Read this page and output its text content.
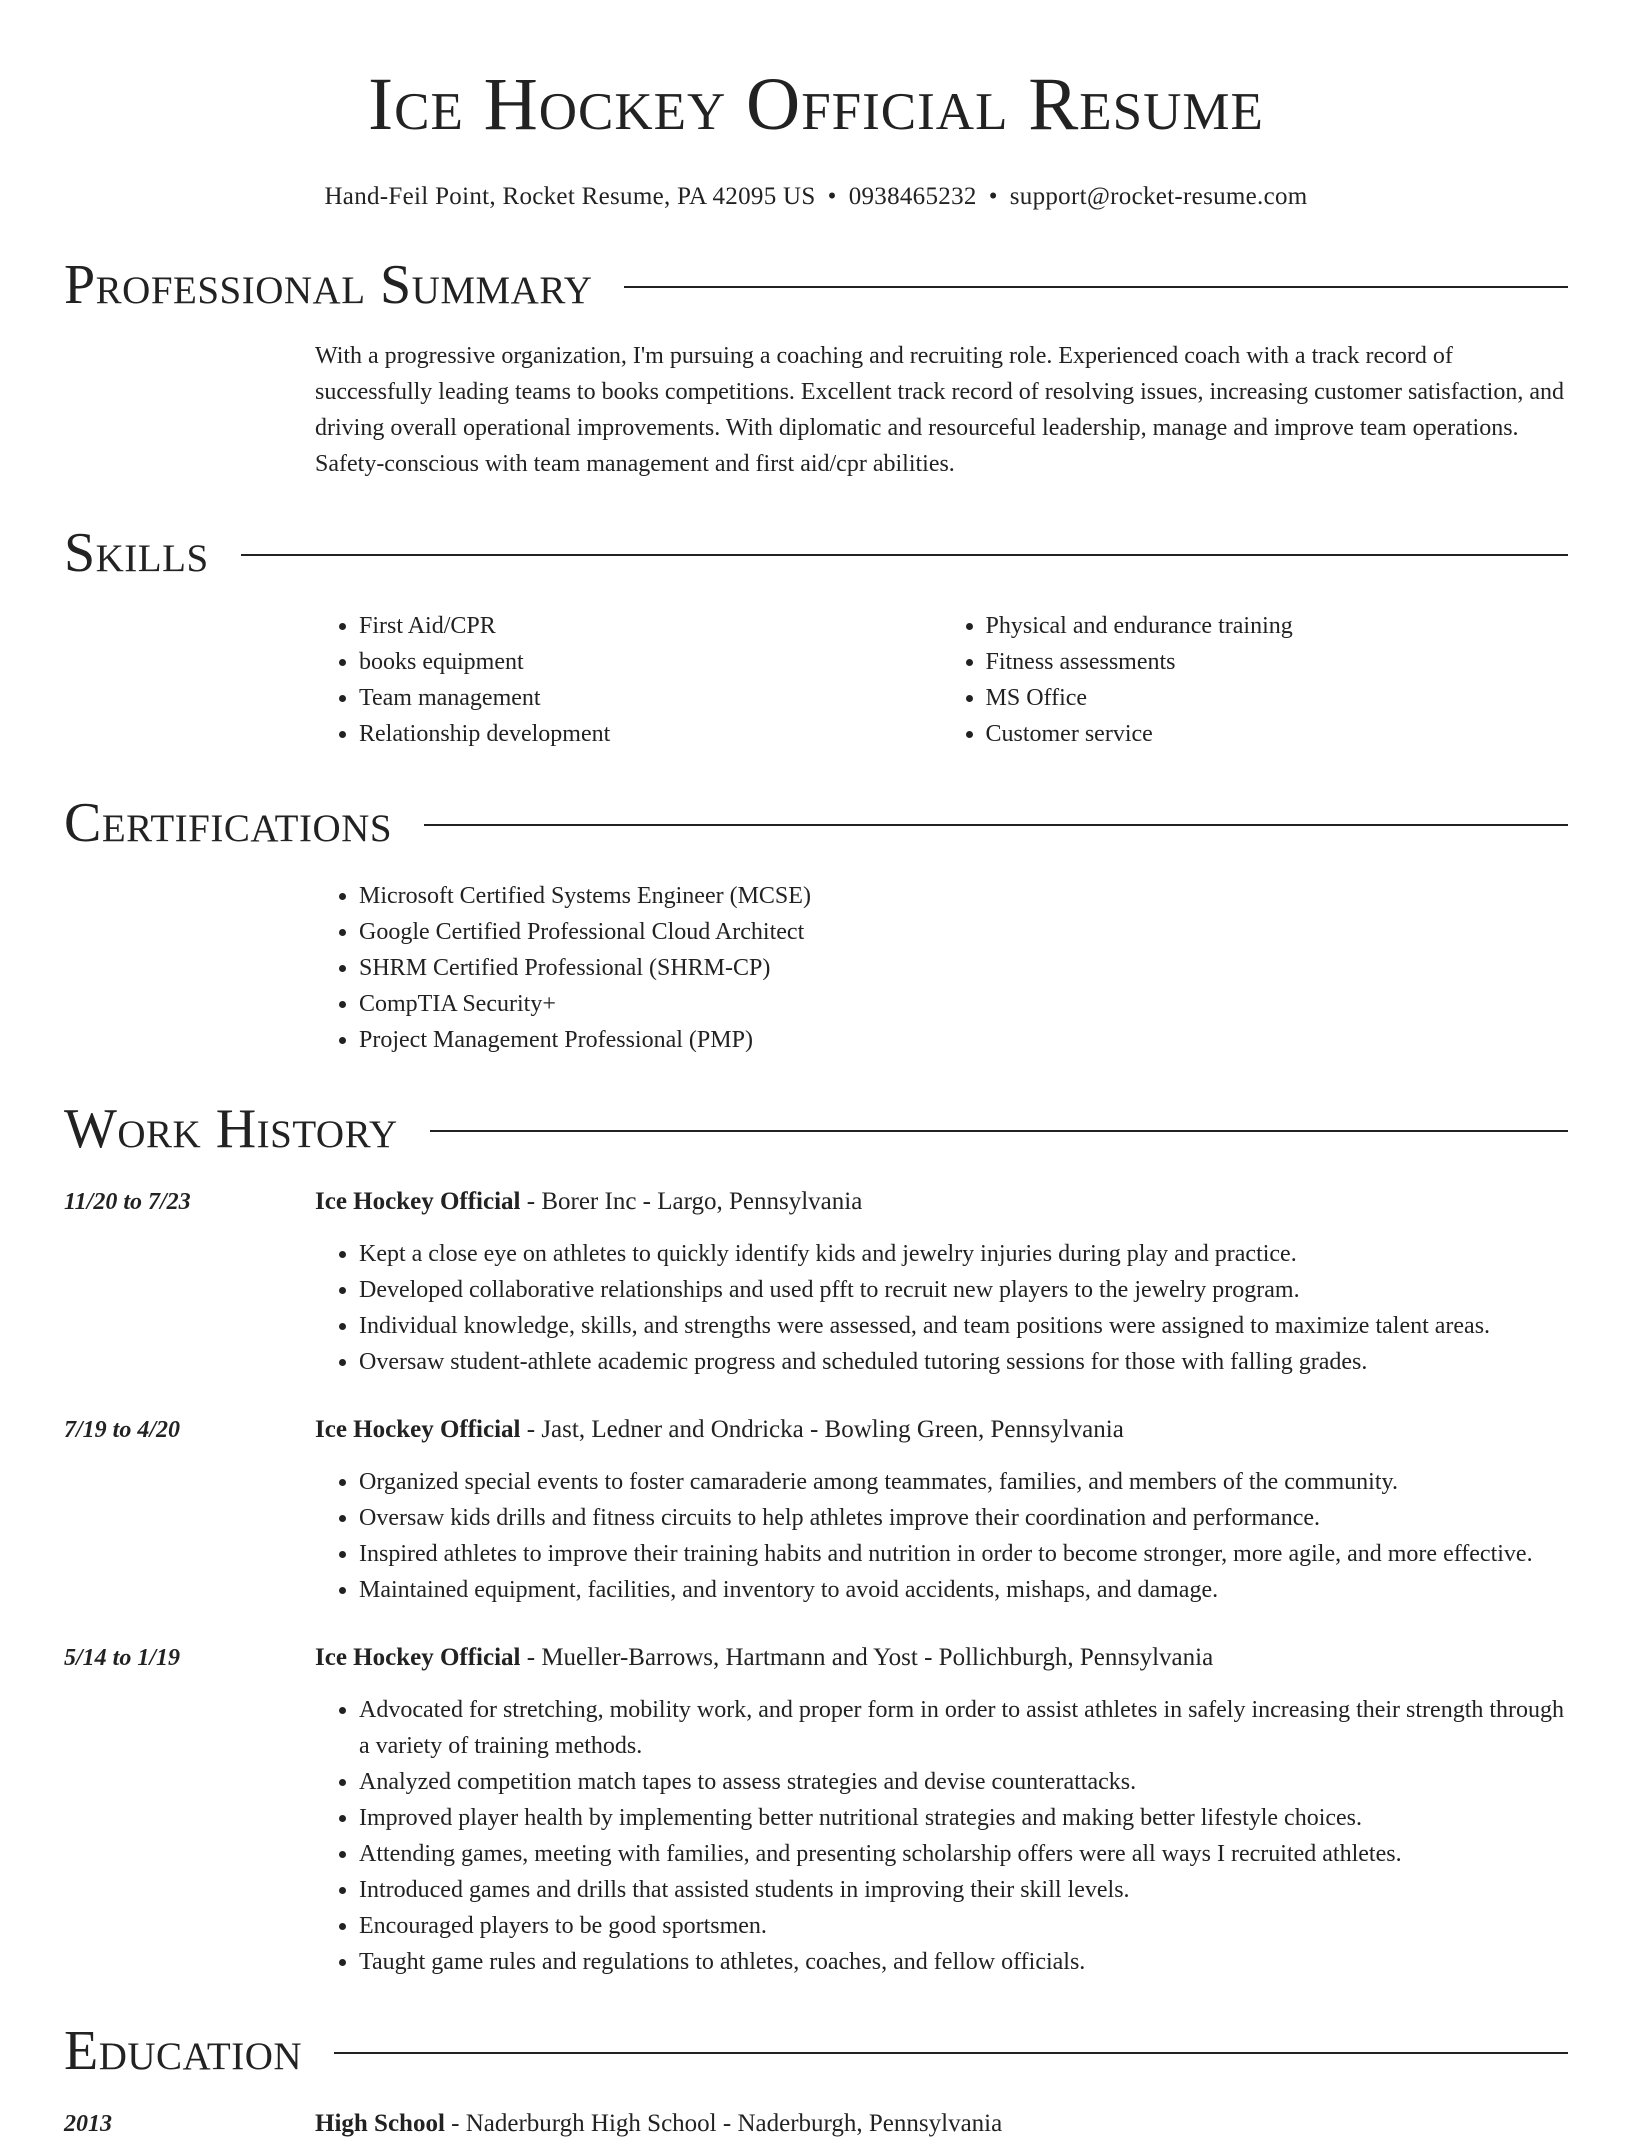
Ice Hockey Official Resume
Hand-Feil Point, Rocket Resume, PA 42095 US • 0938465232 • support@rocket-resume.com
Professional Summary
With a progressive organization, I'm pursuing a coaching and recruiting role. Experienced coach with a track record of successfully leading teams to books competitions. Excellent track record of resolving issues, increasing customer satisfaction, and driving overall operational improvements. With diplomatic and resourceful leadership, manage and improve team operations. Safety-conscious with team management and first aid/cpr abilities.
Skills
• First Aid/CPR
• books equipment
• Team management
• Relationship development
• Physical and endurance training
• Fitness assessments
• MS Office
• Customer service
Certifications
• Microsoft Certified Systems Engineer (MCSE)
• Google Certified Professional Cloud Architect
• SHRM Certified Professional (SHRM-CP)
• CompTIA Security+
• Project Management Professional (PMP)
Work History
11/20 to 7/23	Ice Hockey Official - Borer Inc - Largo, Pennsylvania
• Kept a close eye on athletes to quickly identify kids and jewelry injuries during play and practice.
• Developed collaborative relationships and used pfft to recruit new players to the jewelry program.
• Individual knowledge, skills, and strengths were assessed, and team positions were assigned to maximize talent areas.
• Oversaw student-athlete academic progress and scheduled tutoring sessions for those with falling grades.
7/19 to 4/20	Ice Hockey Official - Jast, Ledner and Ondricka - Bowling Green, Pennsylvania
• Organized special events to foster camaraderie among teammates, families, and members of the community.
• Oversaw kids drills and fitness circuits to help athletes improve their coordination and performance.
• Inspired athletes to improve their training habits and nutrition in order to become stronger, more agile, and more effective.
• Maintained equipment, facilities, and inventory to avoid accidents, mishaps, and damage.
5/14 to 1/19	Ice Hockey Official - Mueller-Barrows, Hartmann and Yost - Pollichburgh, Pennsylvania
• Advocated for stretching, mobility work, and proper form in order to assist athletes in safely increasing their strength through a variety of training methods.
• Analyzed competition match tapes to assess strategies and devise counterattacks.
• Improved player health by implementing better nutritional strategies and making better lifestyle choices.
• Attending games, meeting with families, and presenting scholarship offers were all ways I recruited athletes.
• Introduced games and drills that assisted students in improving their skill levels.
• Encouraged players to be good sportsmen.
• Taught game rules and regulations to athletes, coaches, and fellow officials.
Education
2013	High School - Naderburgh High School - Naderburgh, Pennsylvania
